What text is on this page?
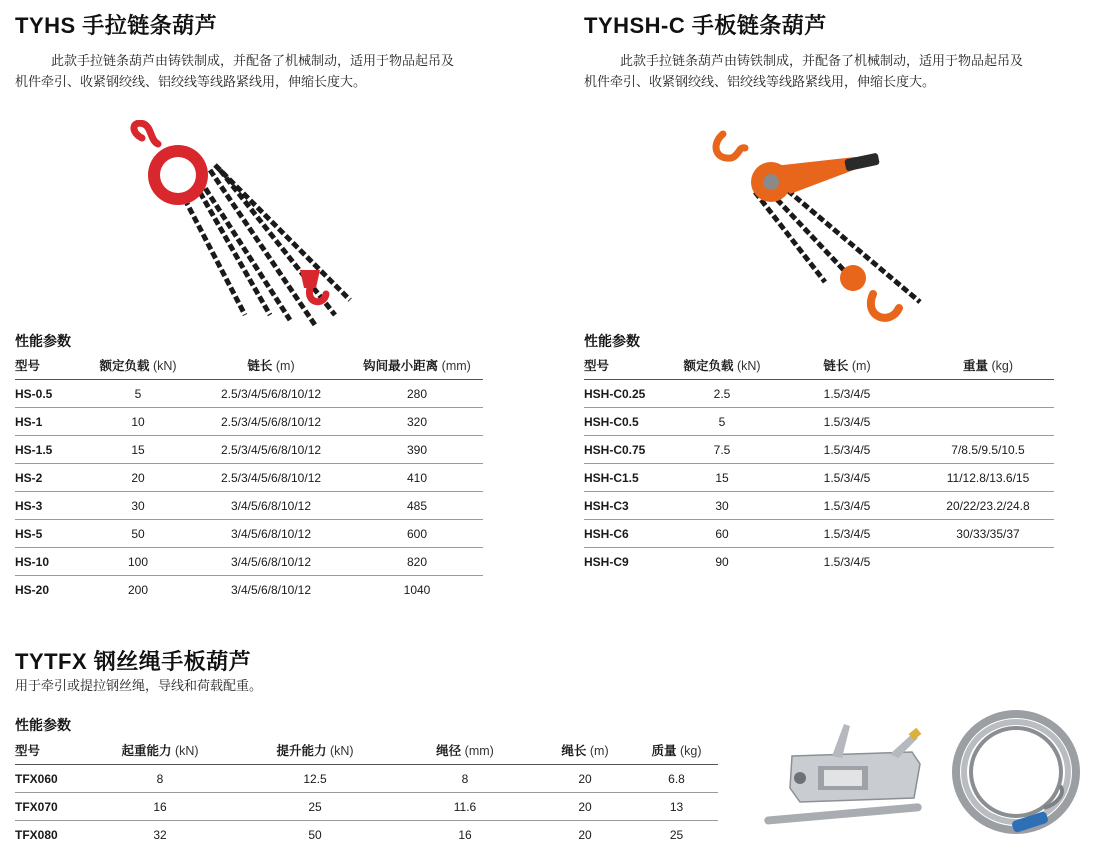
TYHS 手拉链条葫芦
此款手拉链条葫芦由铸铁制成，并配备了机械制动，适用于物品起吊及
机件牵引、收紧钢绞线、铝绞线等线路紧线用，伸缩长度大。
性能参数
型号	额定负载 (kN)	链长 (m)	钩间最小距离 (mm)
HS-0.5	5	2.5/3/4/5/6/8/10/12	280
HS-1	10	2.5/3/4/5/6/8/10/12	320
HS-1.5	15	2.5/3/4/5/6/8/10/12	390
HS-2	20	2.5/3/4/5/6/8/10/12	410
HS-3	30	3/4/5/6/8/10/12	485
HS-5	50	3/4/5/6/8/10/12	600
HS-10	100	3/4/5/6/8/10/12	820
HS-20	200	3/4/5/6/8/10/12	1040
TYHSH-C 手板链条葫芦
此款手拉链条葫芦由铸铁制成，并配备了机械制动，适用于物品起吊及
机件牵引、收紧钢绞线、铝绞线等线路紧线用，伸缩长度大。
性能参数
型号	额定负载 (kN)	链长 (m)	重量 (kg)
HSH-C0.25	2.5	1.5/3/4/5	
HSH-C0.5	5	1.5/3/4/5	
HSH-C0.75	7.5	1.5/3/4/5	7/8.5/9.5/10.5
HSH-C1.5	15	1.5/3/4/5	11/12.8/13.6/15
HSH-C3	30	1.5/3/4/5	20/22/23.2/24.8
HSH-C6	60	1.5/3/4/5	30/33/35/37
HSH-C9	90	1.5/3/4/5	
TYTFX 钢丝绳手板葫芦
用于牵引或提拉钢丝绳，导线和荷载配重。
性能参数
型号	起重能力 (kN)	提升能力 (kN)	绳径 (mm)	绳长 (m)	质量 (kg)
TFX060	8	12.5	8	20	6.8
TFX070	16	25	11.6	20	13
TFX080	32	50	16	20	25
